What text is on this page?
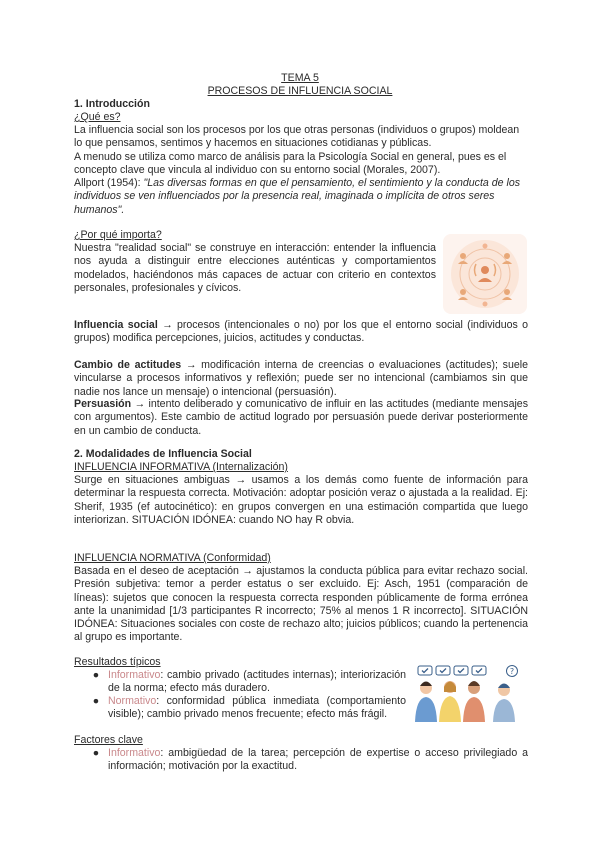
TEMA 5
PROCESOS DE INFLUENCIA SOCIAL
1. Introducción
¿Qué es?

La influencia social son los procesos por los que otras personas (individuos o grupos) moldean lo que pensamos, sentimos y hacemos en situaciones cotidianas y públicas.

A menudo se utiliza como marco de análisis para la Psicología Social en general, pues es el concepto clave que vincula al individuo con su entorno social (Morales, 2007).

Allport (1954): "Las diversas formas en que el pensamiento, el sentimiento y la conducta de los individuos se ven influenciados por la presencia real, imaginada o implícita de otros seres humanos".

¿Por qué importa?

Nuestra "realidad social" se construye en interacción: entender la influencia nos ayuda a distinguir entre elecciones auténticas y comportamientos modelados, haciéndonos más capaces de actuar con criterio en contextos personales, profesionales y cívicos.

Influencia social → procesos (intencionales o no) por los que el entorno social (individuos o grupos) modifica percepciones, juicios, actitudes y conductas.

Cambio de actitudes → modificación interna de creencias o evaluaciones (actitudes); suele vincularse a procesos informativos y reflexión; puede ser no intencional (cambiamos sin que nadie nos lance un mensaje) o intencional (persuasión).

Persuasión → intento deliberado y comunicativo de influir en las actitudes (mediante mensajes con argumentos). Este cambio de actitud logrado por persuasión puede derivar posteriormente en un cambio de conducta.

2. Modalidades de Influencia Social
INFLUENCIA INFORMATIVA (Internalización)

Surge en situaciones ambiguas → usamos a los demás como fuente de información para determinar la respuesta correcta. Motivación: adoptar posición veraz o ajustada a la realidad. Ej: Sherif, 1935 (ef autocinético): en grupos convergen en una estimación compartida que luego interiorizan. SITUACIÓN IDÓNEA: cuando NO hay R obvia.

INFLUENCIA NORMATIVA (Conformidad)

Basada en el deseo de aceptación → ajustamos la conducta pública para evitar rechazo social. Presión subjetiva: temor a perder estatus o ser excluido. Ej: Asch, 1951 (comparación de líneas): sujetos que conocen la respuesta correcta responden públicamente de forma errónea ante la unanimidad [1/3 participantes R incorrecto; 75% al menos 1 R incorrecto]. SITUACIÓN IDÓNEA: Situaciones sociales con coste de rechazo alto; juicios públicos; cuando la pertenencia al grupo es importante.

Resultados típicos
● Informativo: cambio privado (actitudes internas); interiorización de la norma; efecto más duradero.

● Normativo: conformidad pública inmediata (comportamiento visible); cambio privado menos frecuente; efecto más frágil.

?
Factores clave
● Informativo: ambigüedad de la tarea; percepción de expertise o acceso privilegiado a información; motivación por la exactitud.
